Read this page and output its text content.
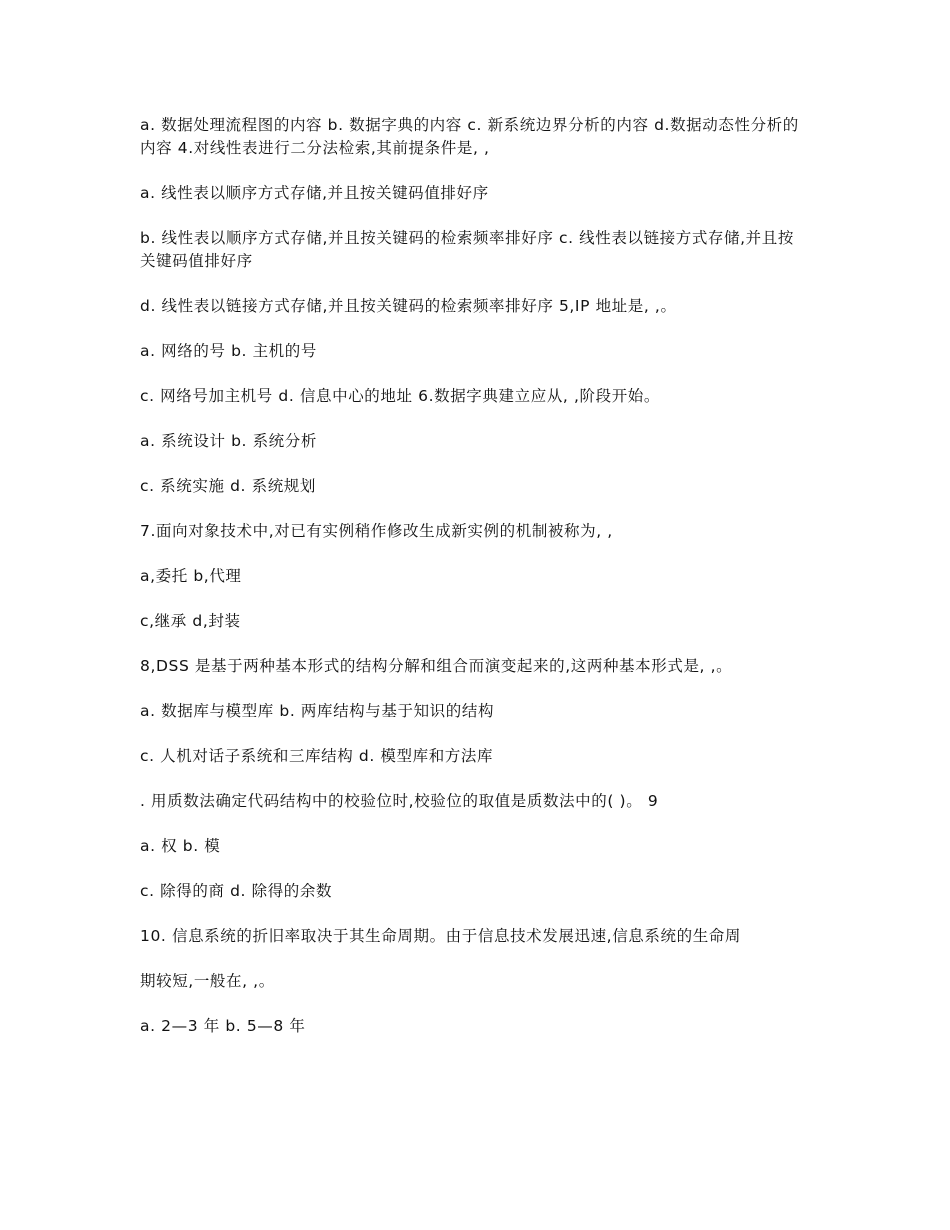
a. 数据处理流程图的内容 b. 数据字典的内容 c. 新系统边界分析的内容 d.数据动态性分析的内容 4.对线性表进行二分法检索,其前提条件是, ,

a. 线性表以顺序方式存储,并且按关键码值排好序

b. 线性表以顺序方式存储,并且按关键码的检索频率排好序 c. 线性表以链接方式存储,并且按关键码值排好序

d. 线性表以链接方式存储,并且按关键码的检索频率排好序 5,IP 地址是, ,。

a. 网络的号 b. 主机的号

c. 网络号加主机号 d. 信息中心的地址 6.数据字典建立应从, ,阶段开始。

a. 系统设计 b. 系统分析

c. 系统实施 d. 系统规划

7.面向对象技术中,对已有实例稍作修改生成新实例的机制被称为, ,

a,委托 b,代理

c,继承 d,封装

8,DSS 是基于两种基本形式的结构分解和组合而演变起来的,这两种基本形式是, ,。

a. 数据库与模型库 b. 两库结构与基于知识的结构

c. 人机对话子系统和三库结构 d. 模型库和方法库

. 用质数法确定代码结构中的校验位时,校验位的取值是质数法中的( )。 9

a. 权 b. 模

c. 除得的商 d. 除得的余数

10. 信息系统的折旧率取决于其生命周期。由于信息技术发展迅速,信息系统的生命周

期较短,一般在, ,。

a. 2—3 年 b. 5—8 年
